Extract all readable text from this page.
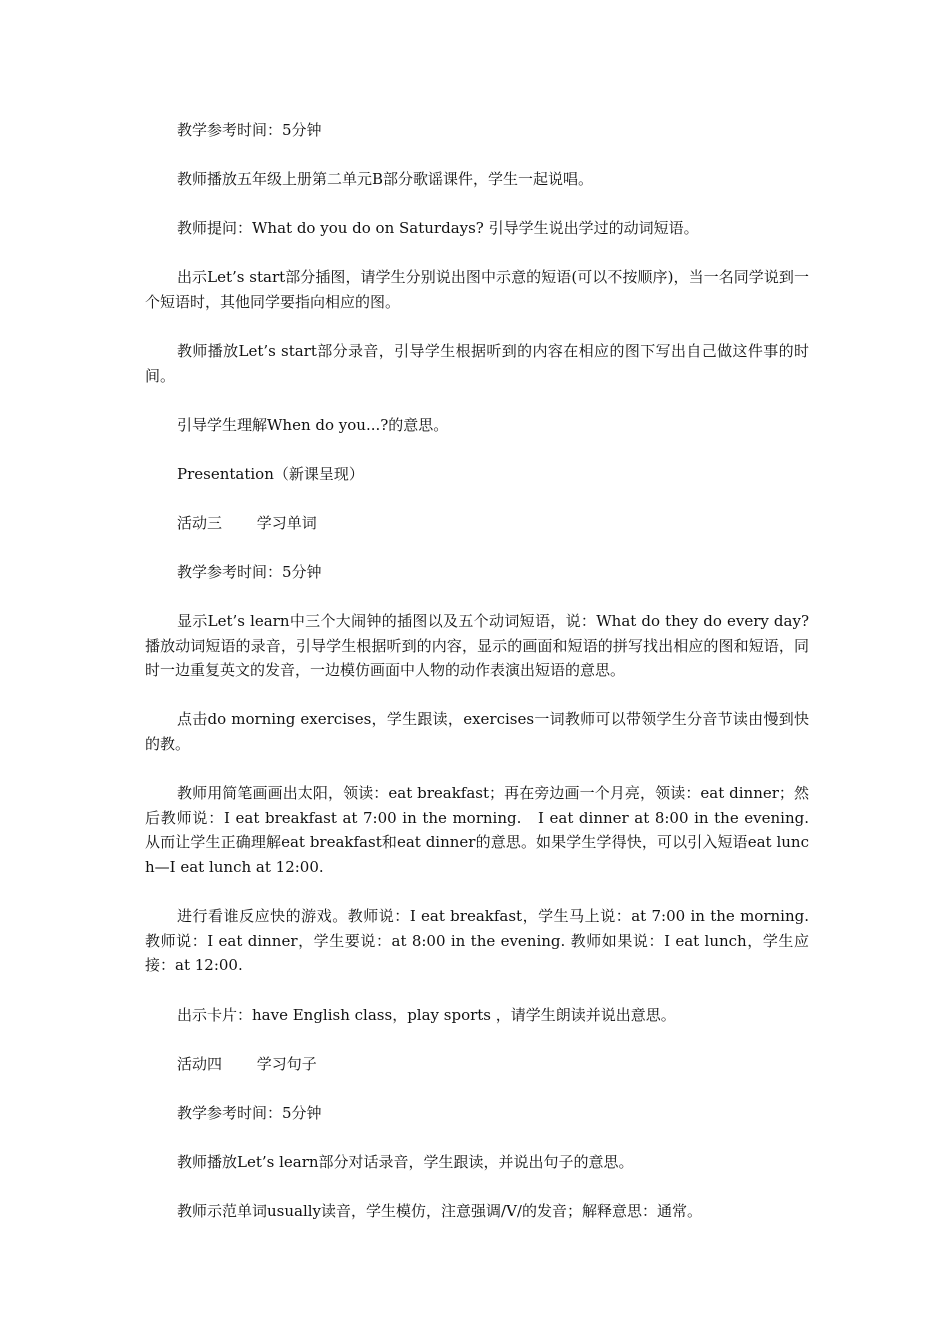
教学参考时间：5分钟

教师播放五年级上册第二单元B部分歌谣课件，学生一起说唱。

教师提问：What do you do on Saturdays? 引导学生说出学过的动词短语。

出示Let’s start部分插图，请学生分别说出图中示意的短语(可以不按顺序)，当一名同学说到一个短语时，其他同学要指向相应的图。

教师播放Let’s start部分录音，引导学生根据听到的内容在相应的图下写出自己做这件事的时间。

引导学生理解When do you...?的意思。

Presentation（新课呈现）

活动三　　 学习单词

教学参考时间：5分钟

显示Let’s learn中三个大闹钟的插图以及五个动词短语，说：What do they do every day? 播放动词短语的录音，引导学生根据听到的内容，显示的画面和短语的拼写找出相应的图和短语，同时一边重复英文的发音，一边模仿画面中人物的动作表演出短语的意思。

点击do morning exercises，学生跟读，exercises一词教师可以带领学生分音节读由慢到快的教。

教师用简笔画画出太阳，领读：eat breakfast；再在旁边画一个月亮，领读：eat dinner；然后教师说：I eat breakfast at 7:00 in the morning.　I eat dinner at 8:00 in the evening. 从而让学生正确理解eat breakfast和eat dinner的意思。如果学生学得快，可以引入短语eat lunch—I eat lunch at 12:00.

进行看谁反应快的游戏。教师说：I eat breakfast，学生马上说：at 7:00 in the morning. 教师说：I eat dinner，学生要说：at 8:00 in the evening. 教师如果说：I eat lunch，学生应接：at 12:00.

出示卡片：have English class，play sports ，请学生朗读并说出意思。

活动四　　 学习句子

教学参考时间：5分钟

教师播放Let’s learn部分对话录音，学生跟读，并说出句子的意思。

教师示范单词usually读音，学生模仿，注意强调/V/的发音；解释意思：通常。
